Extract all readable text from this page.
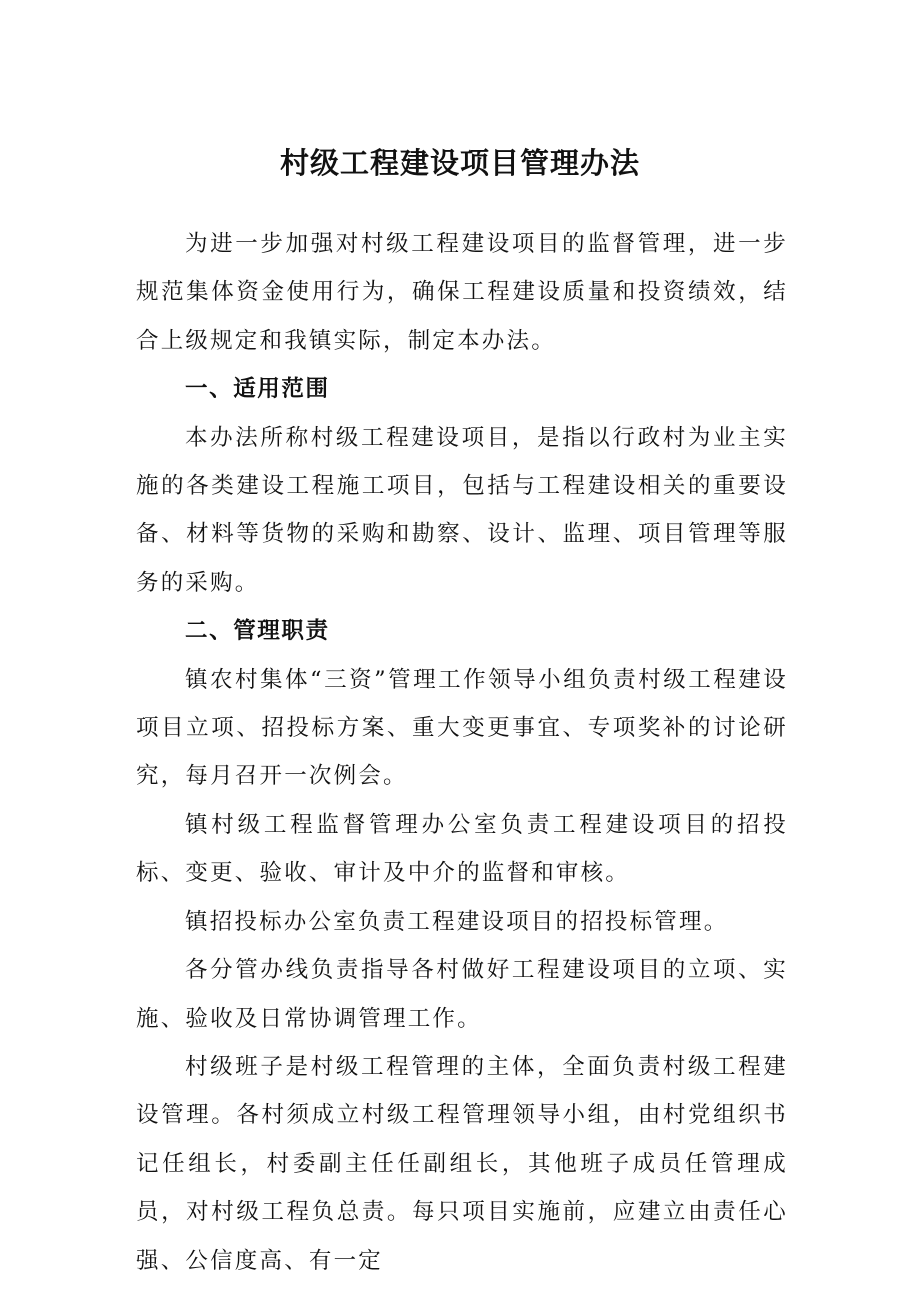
村级工程建设项目管理办法

为进一步加强对村级工程建设项目的监督管理，进一步规范集体资金使用行为，确保工程建设质量和投资绩效，结合上级规定和我镇实际，制定本办法。

一、适用范围

本办法所称村级工程建设项目，是指以行政村为业主实施的各类建设工程施工项目，包括与工程建设相关的重要设备、材料等货物的采购和勘察、设计、监理、项目管理等服务的采购。

二、管理职责

镇农村集体“三资”管理工作领导小组负责村级工程建设项目立项、招投标方案、重大变更事宜、专项奖补的讨论研究，每月召开一次例会。

镇村级工程监督管理办公室负责工程建设项目的招投标、变更、验收、审计及中介的监督和审核。

镇招投标办公室负责工程建设项目的招投标管理。

各分管办线负责指导各村做好工程建设项目的立项、实施、验收及日常协调管理工作。

村级班子是村级工程管理的主体，全面负责村级工程建设管理。各村须成立村级工程管理领导小组，由村党组织书记任组长，村委副主任任副组长，其他班子成员任管理成员，对村级工程负总责。每只项目实施前，应建立由责任心强、公信度高、有一定
